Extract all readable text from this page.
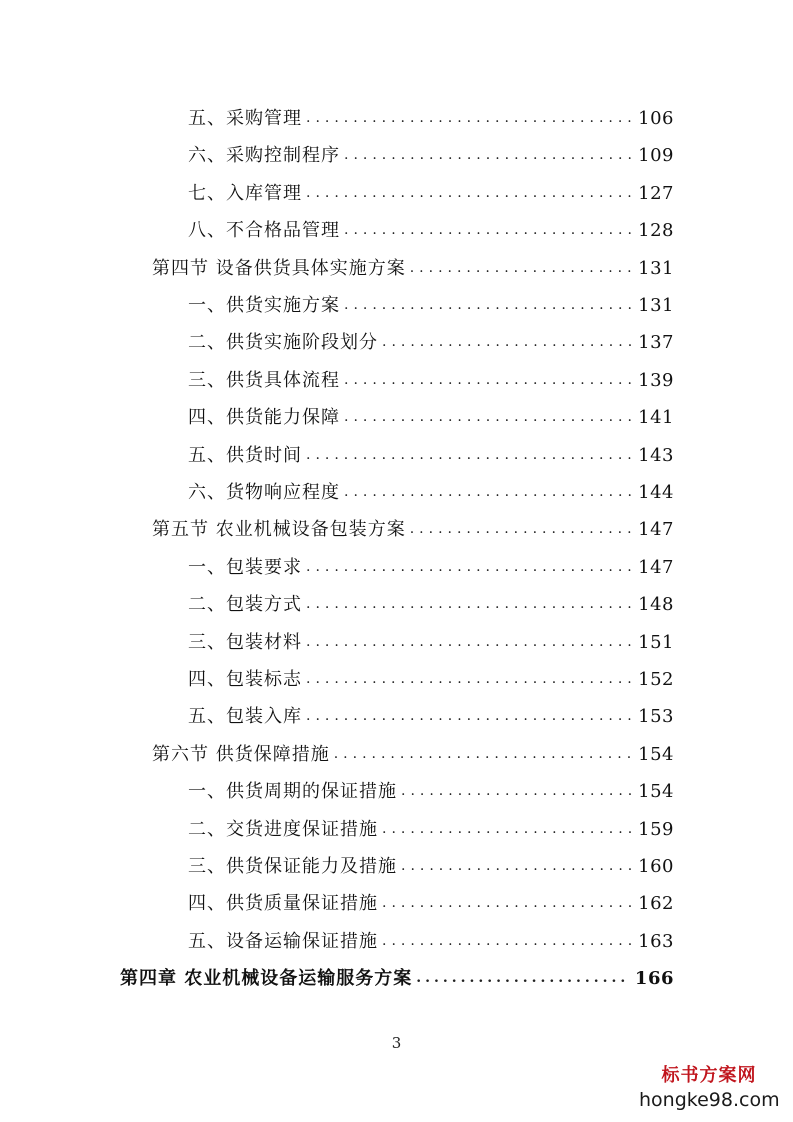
五、采购管理 .....	106
六、采购控制程序 .....	109
七、入库管理 .....	127
八、不合格品管理 .....	128
第四节 设备供货具体实施方案 .....	131
一、供货实施方案 .....	131
二、供货实施阶段划分 .....	137
三、供货具体流程 .....	139
四、供货能力保障 .....	141
五、供货时间 .....	143
六、货物响应程度 .....	144
第五节 农业机械设备包装方案 .....	147
一、包装要求 .....	147
二、包装方式 .....	148
三、包装材料 .....	151
四、包装标志 .....	152
五、包装入库 .....	153
第六节 供货保障措施 .....	154
一、供货周期的保证措施 .....	154
二、交货进度保证措施 .....	159
三、供货保证能力及措施 .....	160
四、供货质量保证措施 .....	162
五、设备运输保证措施 .....	163
第四章 农业机械设备运输服务方案 .....	166
3
标书方案网
hongke98.com
